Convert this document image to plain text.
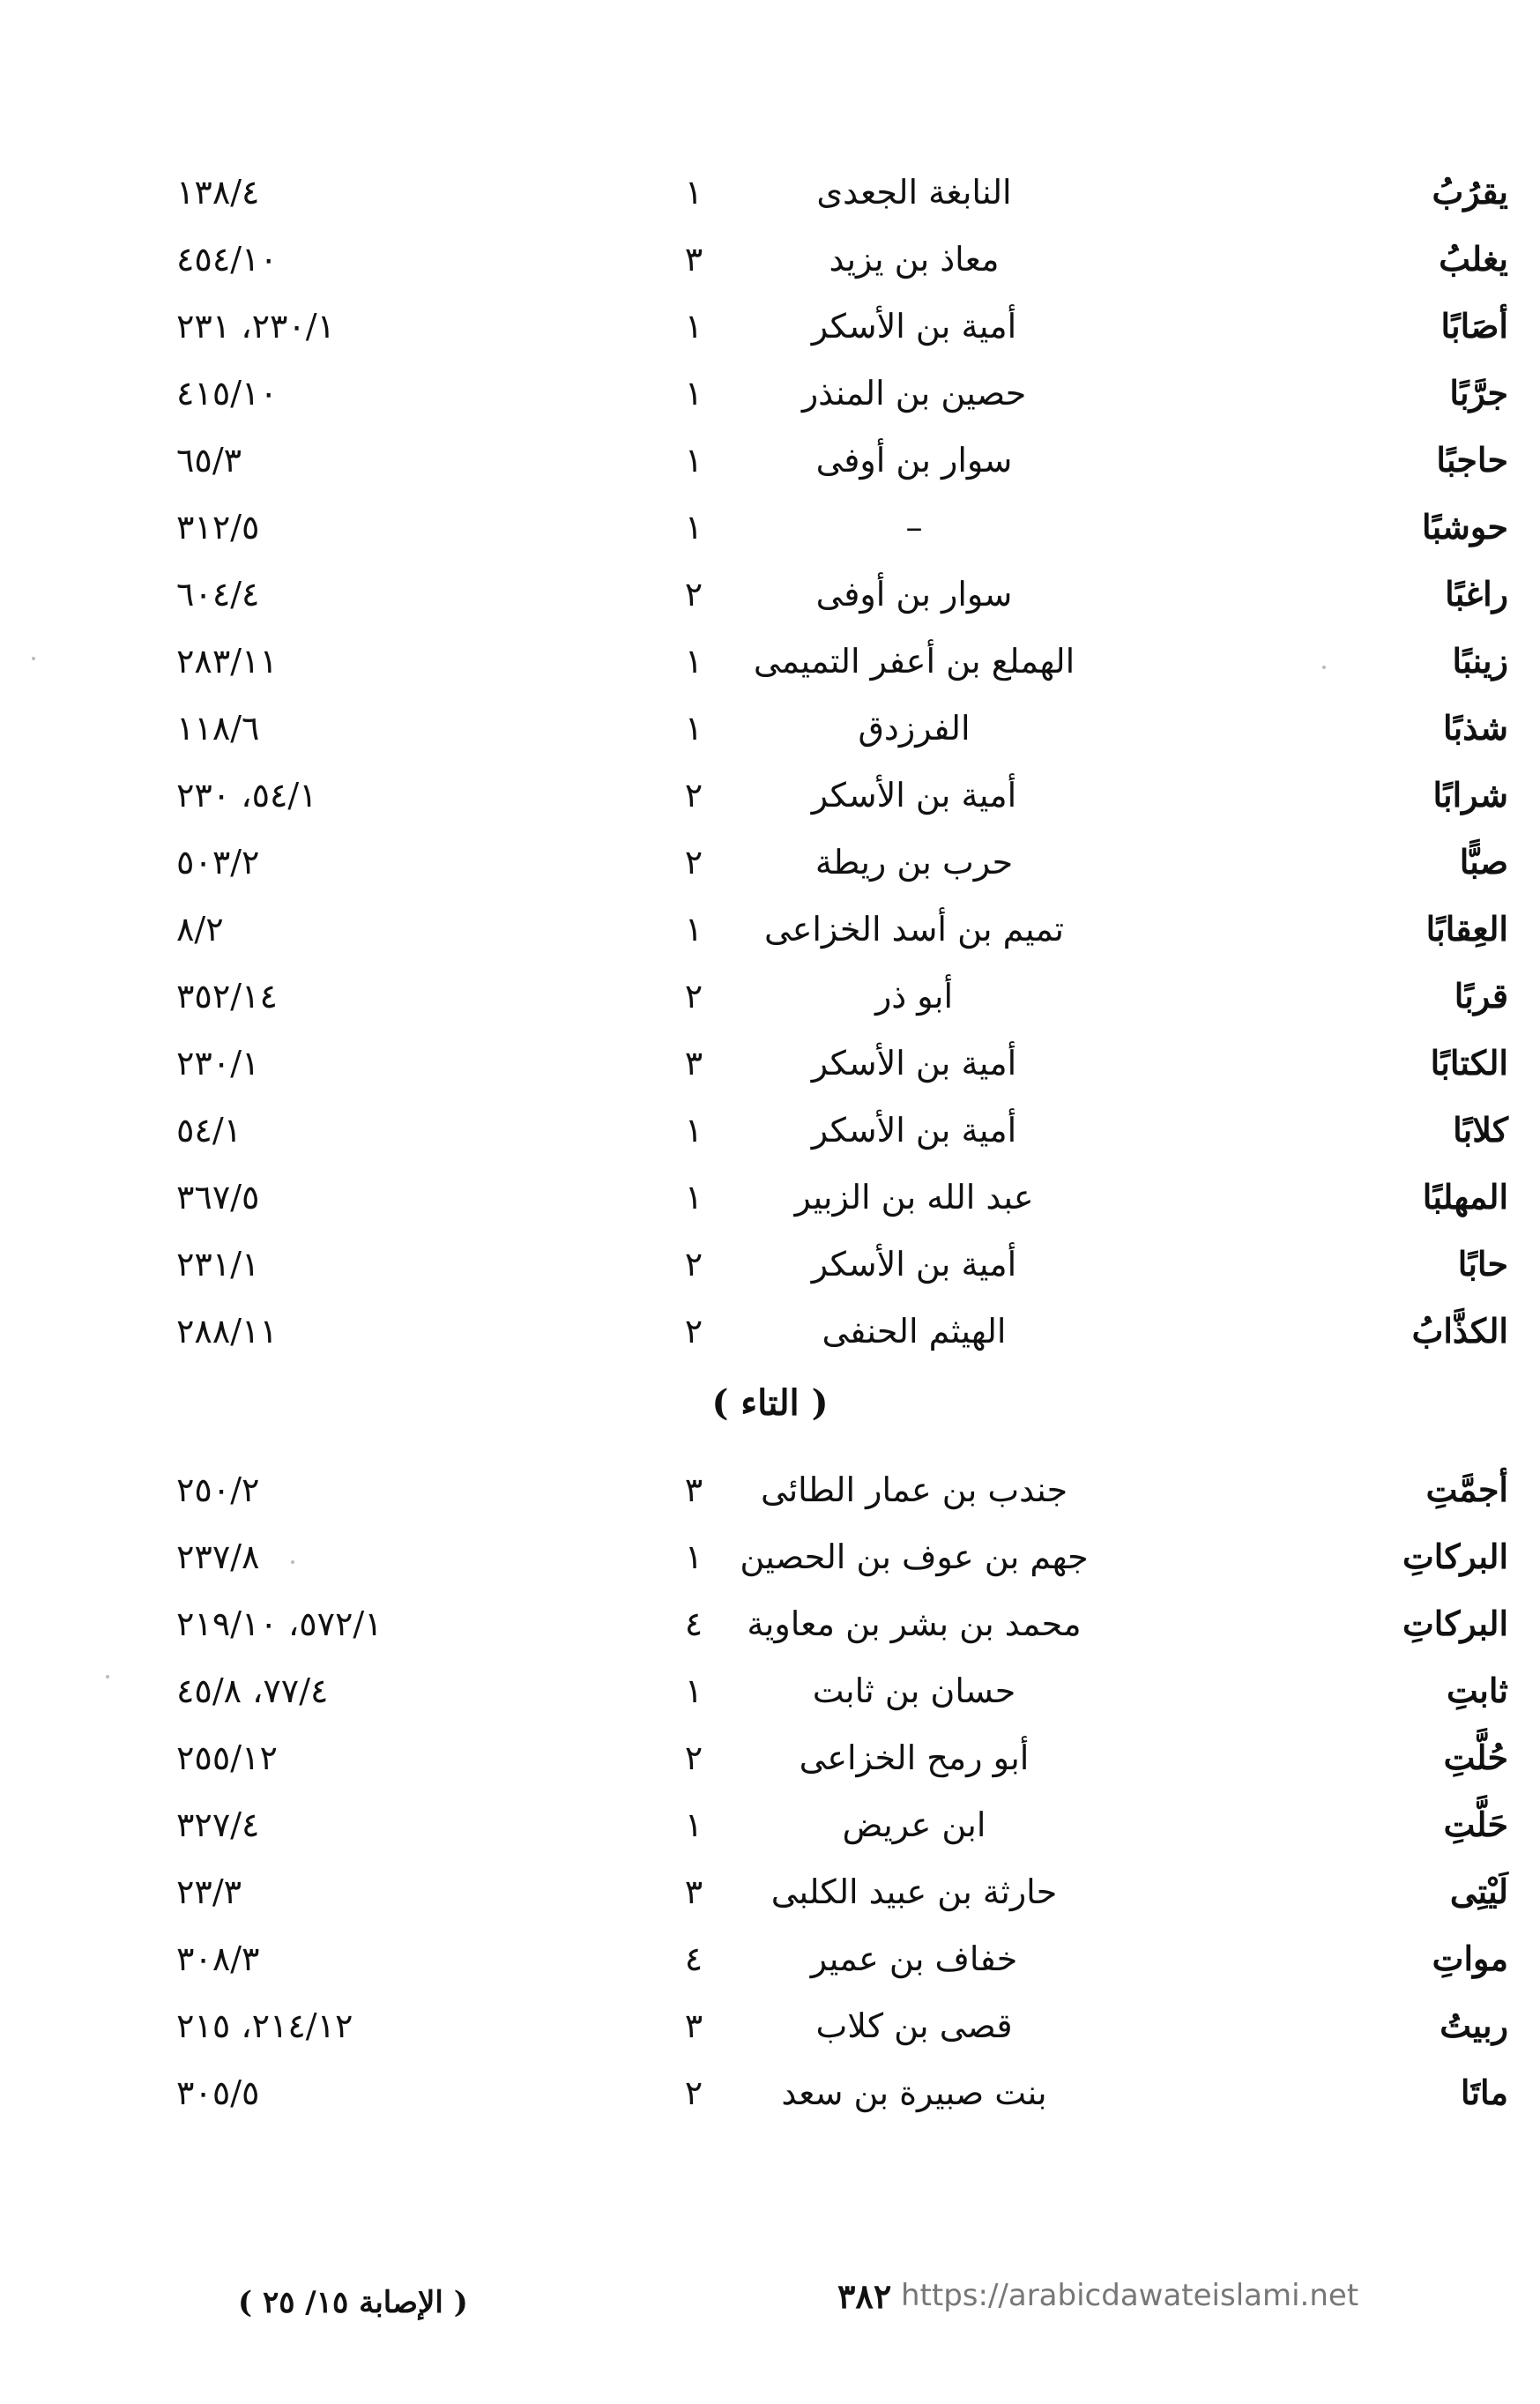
يقرُبُ
النابغة الجعدى
١
١٣٨/٤
يغلبُ
معاذ بن يزيد
٣
٤٥٤/١٠
أصَابًا
أمية بن الأسكر
١
٢٣٠/١، ٢٣١
جرَّبًا
حصين بن المنذر
١
٤١٥/١٠
حاجبًا
سوار بن أوفى
١
٦٥/٣
حوشبًا
–
١
٣١٢/٥
راغبًا
سوار بن أوفى
٢
٦٠٤/٤
زينبًا
الهملع بن أعفر التميمى
١
٢٨٣/١١
شذبًا
الفرزدق
١
١١٨/٦
شرابًا
أمية بن الأسكر
٢
٥٤/١، ٢٣٠
صبًّا
حرب بن ريطة
٢
٥٠٣/٢
العِقابًا
تميم بن أسد الخزاعى
١
٨/٢
قربًا
أبو ذر
٢
٣٥٢/١٤
الكتابًا
أمية بن الأسكر
٣
٢٣٠/١
كلابًا
أمية بن الأسكر
١
٥٤/١
المهلبًا
عبد الله بن الزبير
١
٣٦٧/٥
حابًا
أمية بن الأسكر
٢
٢٣١/١
الكذَّابُ
الهيثم الحنفى
٢
٢٨٨/١١
( التاء )
أجمَّتِ
جندب بن عمار الطائى
٣
٢٥٠/٢
البركاتِ
جهم بن عوف بن الحصين
١
٢٣٧/٨
البركاتِ
محمد بن بشر بن معاوية
٤
٥٧٢/١، ٢١٩/١٠
ثابتِ
حسان بن ثابت
١
٧٧/٤، ٤٥/٨
حُلَّتِ
أبو رمح الخزاعى
٢
٢٥٥/١٢
حَلَّتِ
ابن عريض
١
٣٢٧/٤
لَيْتِى
حارثة بن عبيد الكلبى
٣
٢٣/٣
مواتِ
خفاف بن عمير
٤
٣٠٨/٣
ربيتُ
قصى بن كلاب
٣
٢١٤/١٢، ٢١٥
ماتَا
بنت صبيرة بن سعد
٢
٣٠٥/٥
( الإصابة ١٥/ ٢٥ )	٣٨٢ https://arabicdawateislami.net
